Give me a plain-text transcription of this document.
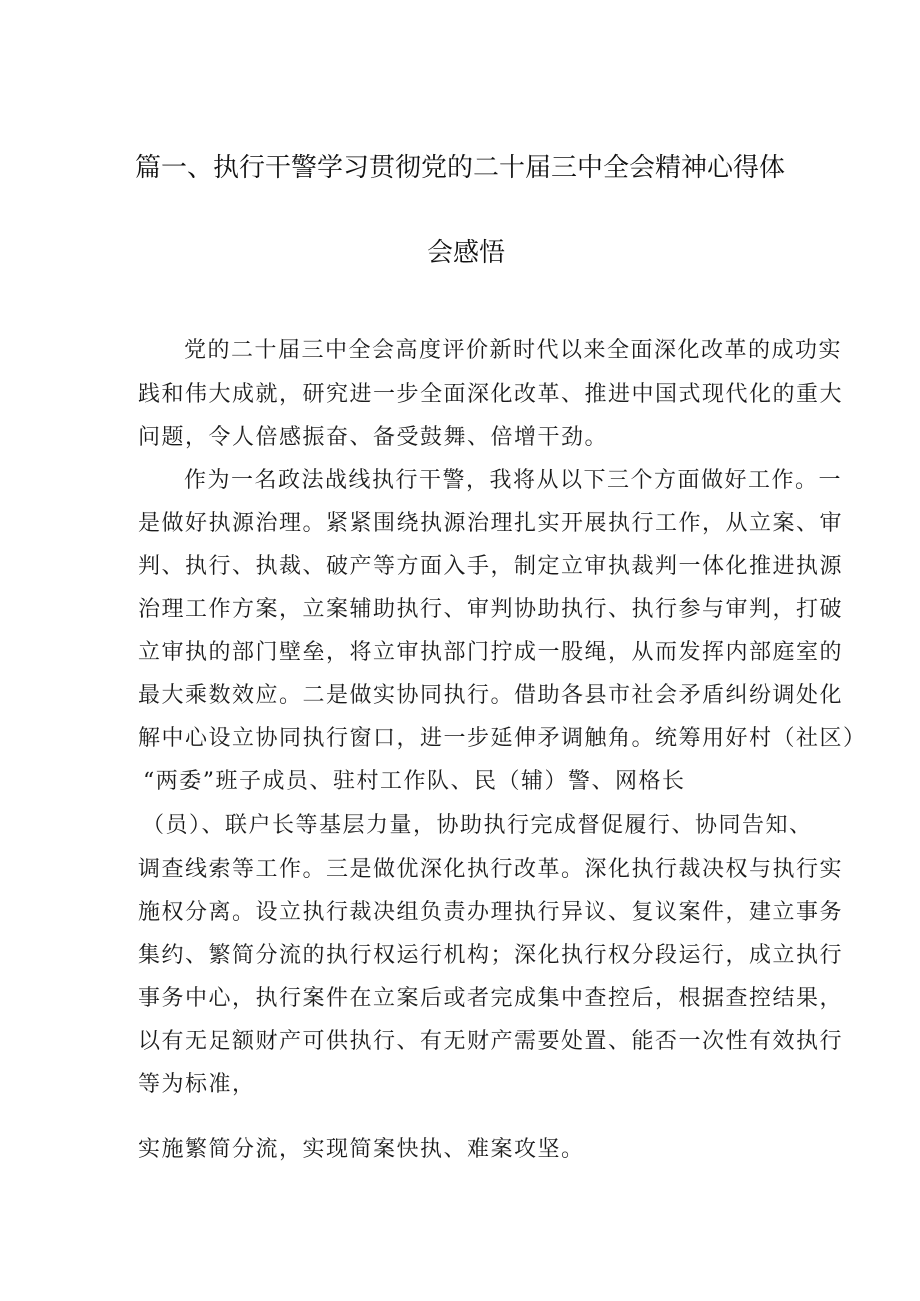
篇一、执行干警学习贯彻党的二十届三中全会精神心得体
会感悟
党的二十届三中全会高度评价新时代以来全面深化改革的成功实
践和伟大成就，研究进一步全面深化改革、推进中国式现代化的重大
问题，令人倍感振奋、备受鼓舞、倍增干劲。
作为一名政法战线执行干警，我将从以下三个方面做好工作。一
是做好执源治理。紧紧围绕执源治理扎实开展执行工作，从立案、审
判、执行、执裁、破产等方面入手，制定立审执裁判一体化推进执源
治理工作方案，立案辅助执行、审判协助执行、执行参与审判，打破
立审执的部门壁垒，将立审执部门拧成一股绳，从而发挥内部庭室的
最大乘数效应。二是做实协同执行。借助各县市社会矛盾纠纷调处化
解中心设立协同执行窗口，进一步延伸矛调触角。统筹用好村（社区）
“两委”班子成员、驻村工作队、民（辅）警、网格长
（员）、联户长等基层力量，协助执行完成督促履行、协同告知、
调查线索等工作。三是做优深化执行改革。深化执行裁决权与执行实
施权分离。设立执行裁决组负责办理执行异议、复议案件，建立事务
集约、繁简分流的执行权运行机构；深化执行权分段运行，成立执行
事务中心，执行案件在立案后或者完成集中查控后，根据查控结果，
以有无足额财产可供执行、有无财产需要处置、能否一次性有效执行
等为标准，
实施繁简分流，实现简案快执、难案攻坚。
